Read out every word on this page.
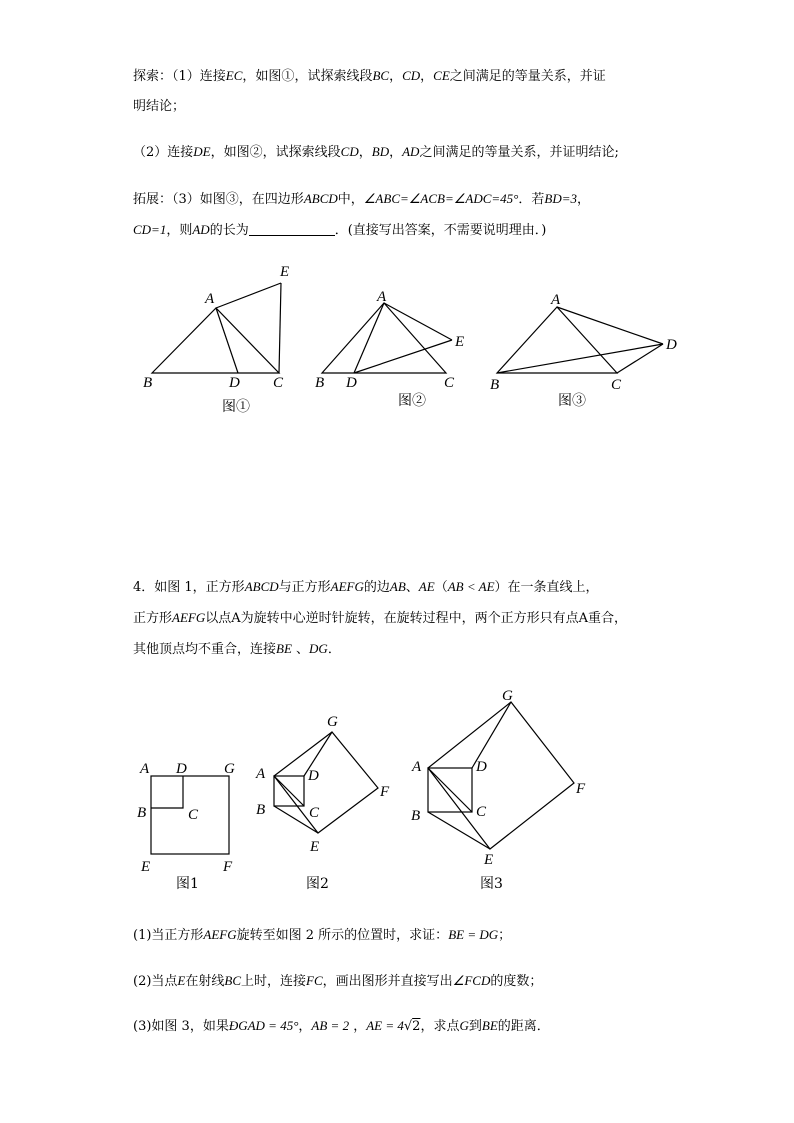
探索：（1）连接EC，如图①，试探索线段BC，CD，CE之间满足的等量关系，并证
明结论；
（2）连接DE，如图②，试探索线段CD，BD，AD之间满足的等量关系，并证明结论;
拓展：（3）如图③，在四边形ABCD中，∠ABC=∠ACB=∠ADC=45°．若BD=3，
CD=1，则AD的长为	．(直接写出答案，不需要说明理由．)
4．如图 1，正方形ABCD与正方形AEFG的边AB、AE（AB < AE）在一条直线上，
正方形AEFG以点A为旋转中心逆时针旋转，在旋转过程中，两个正方形只有点A重合，
其他顶点均不重合，连接BE 、DG．
(1)当正方形AEFG旋转至如图 2 所示的位置时，求证：BE = DG；
(2)当点E在射线BC上时，连接FC，画出图形并直接写出∠FCD的度数；
(3)如图 3，如果ÐGAD = 45°，AB = 2 ，AE = 4√2，求点G到BE的距离．
A
B	D C
E
图①
A
B D	C
E
图②
A
B	C
D
图③
A D G
B	C
E	F
图1
A	D
G
B	C
F
E
图2
A	D
G
B	C
F
E
图3
